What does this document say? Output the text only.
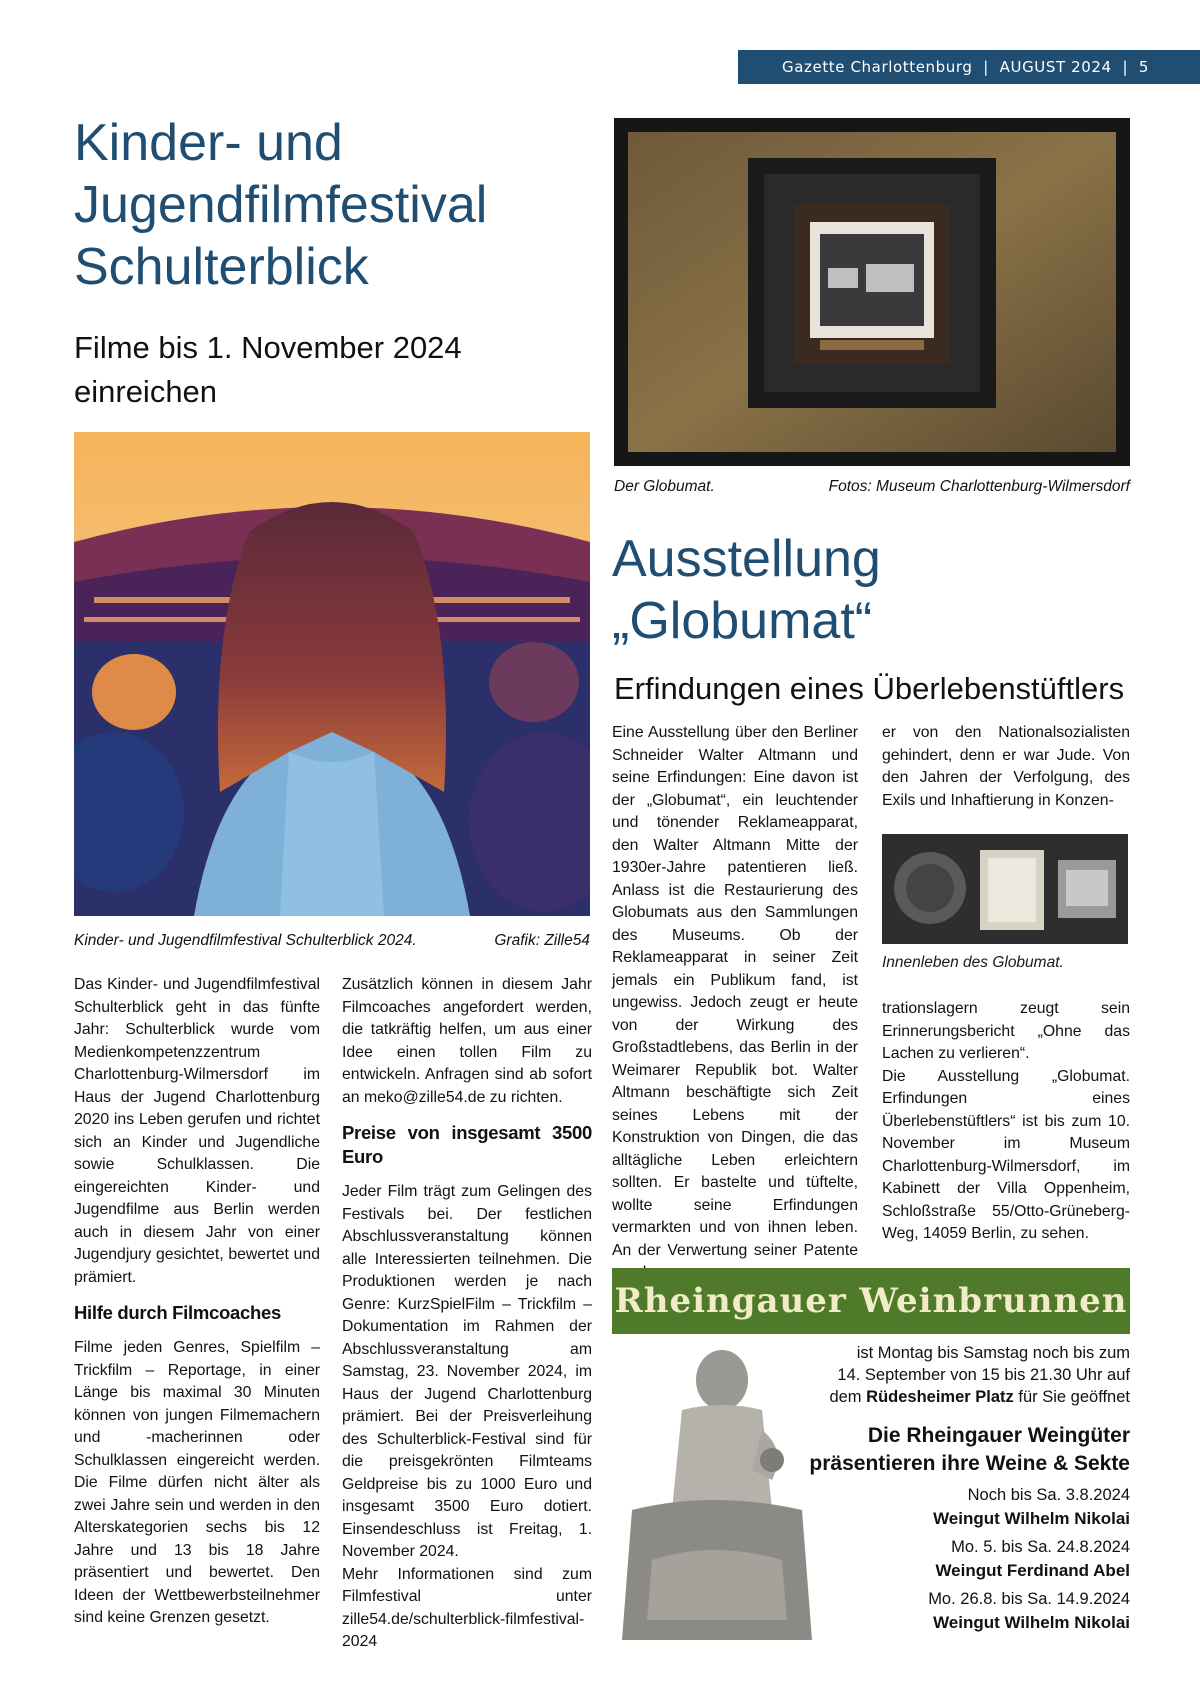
Gazette Charlottenburg  |  AUGUST 2024  |  5
Kinder- und Jugendfilmfestival Schulterblick
Filme bis 1. November 2024 einreichen
Kinder- und Jugendfilmfestival Schulterblick 2024.	Grafik: Zille54

Das Kinder- und Jugendfilmfestival Schulterblick geht in das fünfte Jahr: Schulterblick wurde vom Medienkompetenzzentrum Charlottenburg-Wilmersdorf im Haus der Jugend Charlottenburg 2020 ins Leben gerufen und richtet sich an Kinder und Jugendliche sowie Schulklassen. Die eingereichten Kinder- und Jugendfilme aus Berlin werden auch in diesem Jahr von einer Jugendjury gesichtet, bewertet und prämiert.

Hilfe durch Filmcoaches

Filme jeden Genres, Spielfilm – Trickfilm – Reportage, in einer Länge bis maximal 30 Minuten können von jungen Filmemachern und -macherinnen oder Schulklassen eingereicht werden. Die Filme dürfen nicht älter als zwei Jahre sein und werden in den Alterskategorien sechs bis 12 Jahre und 13 bis 18 Jahre präsentiert und bewertet. Den Ideen der Wettbewerbsteilnehmer sind keine Grenzen gesetzt.

Zusätzlich können in diesem Jahr Filmcoaches angefordert werden, die tatkräftig helfen, um aus einer Idee einen tollen Film zu entwickeln. Anfragen sind ab sofort an meko@zille54.de zu richten.

Preise von insgesamt 3500 Euro

Jeder Film trägt zum Gelingen des Festivals bei. Der festlichen Abschlussveranstaltung können alle Interessierten teilnehmen. Die Produktionen werden je nach Genre: KurzSpielFilm – Trickfilm – Dokumentation im Rahmen der Abschlussveranstaltung am Samstag, 23. November 2024, im Haus der Jugend Charlottenburg prämiert. Bei der Preisverleihung des Schulterblick-Festival sind für die preisgekrönten Filmteams Geldpreise bis zu 1000 Euro und insgesamt 3500 Euro dotiert. Einsendeschluss ist Freitag, 1. November 2024.

Mehr Informationen sind zum Filmfestival unter zille54.de/schulterblick-filmfestival-2024

Der Globumat.	Fotos: Museum Charlottenburg-Wilmersdorf
Ausstellung „Globumat“
Erfindungen eines Überlebenstüftlers

Eine Ausstellung über den Berliner Schneider Walter Altmann und seine Erfindungen: Eine davon ist der „Globumat“, ein leuchtender und tönender Reklameapparat, den Walter Altmann Mitte der 1930er-Jahre patentieren ließ. Anlass ist die Restaurierung des Globumats aus den Sammlungen des Museums. Ob der Reklameapparat in seiner Zeit jemals ein Publikum fand, ist ungewiss. Jedoch zeugt er heute von der Wirkung des Großstadtlebens, das Berlin in der Weimarer Republik bot. Walter Altmann beschäftigte sich Zeit seines Lebens mit der Konstruktion von Dingen, die das alltägliche Leben erleichtern sollten. Er bastelte und tüftelte, wollte seine Erfindungen vermarkten und von ihnen leben. An der Verwertung seiner Patente

er von den Nationalsozialisten gehindert, denn er war Jude. Von den Jahren der Verfolgung, des Exils und Inhaftierung in Konzen-

Innenleben des Globumat.

trationslagern zeugt sein Erinnerungsbericht „Ohne das Lachen zu verlieren“.

Die Ausstellung „Globumat. Erfindungen eines Überlebenstüftlers“ ist bis zum 10. November im Museum Charlottenburg-Wilmersdorf, im Kabinett der Villa Oppenheim, Schloßstraße 55/Otto-Grüneberg-Weg, 14059 Berlin, zu sehen.

Rheingauer Weinbrunnen
ist Montag bis Samstag noch bis zum
14. September von 15 bis 21.30 Uhr auf
dem Rüdesheimer Platz für Sie geöffnet
Die Rheingauer Weingüter
präsentieren ihre Weine & Sekte
Noch bis Sa. 3.8.2024
Weingut Wilhelm Nikolai
Mo. 5. bis Sa. 24.8.2024
Weingut Ferdinand Abel
Mo. 26.8. bis Sa. 14.9.2024
Weingut Wilhelm Nikolai
